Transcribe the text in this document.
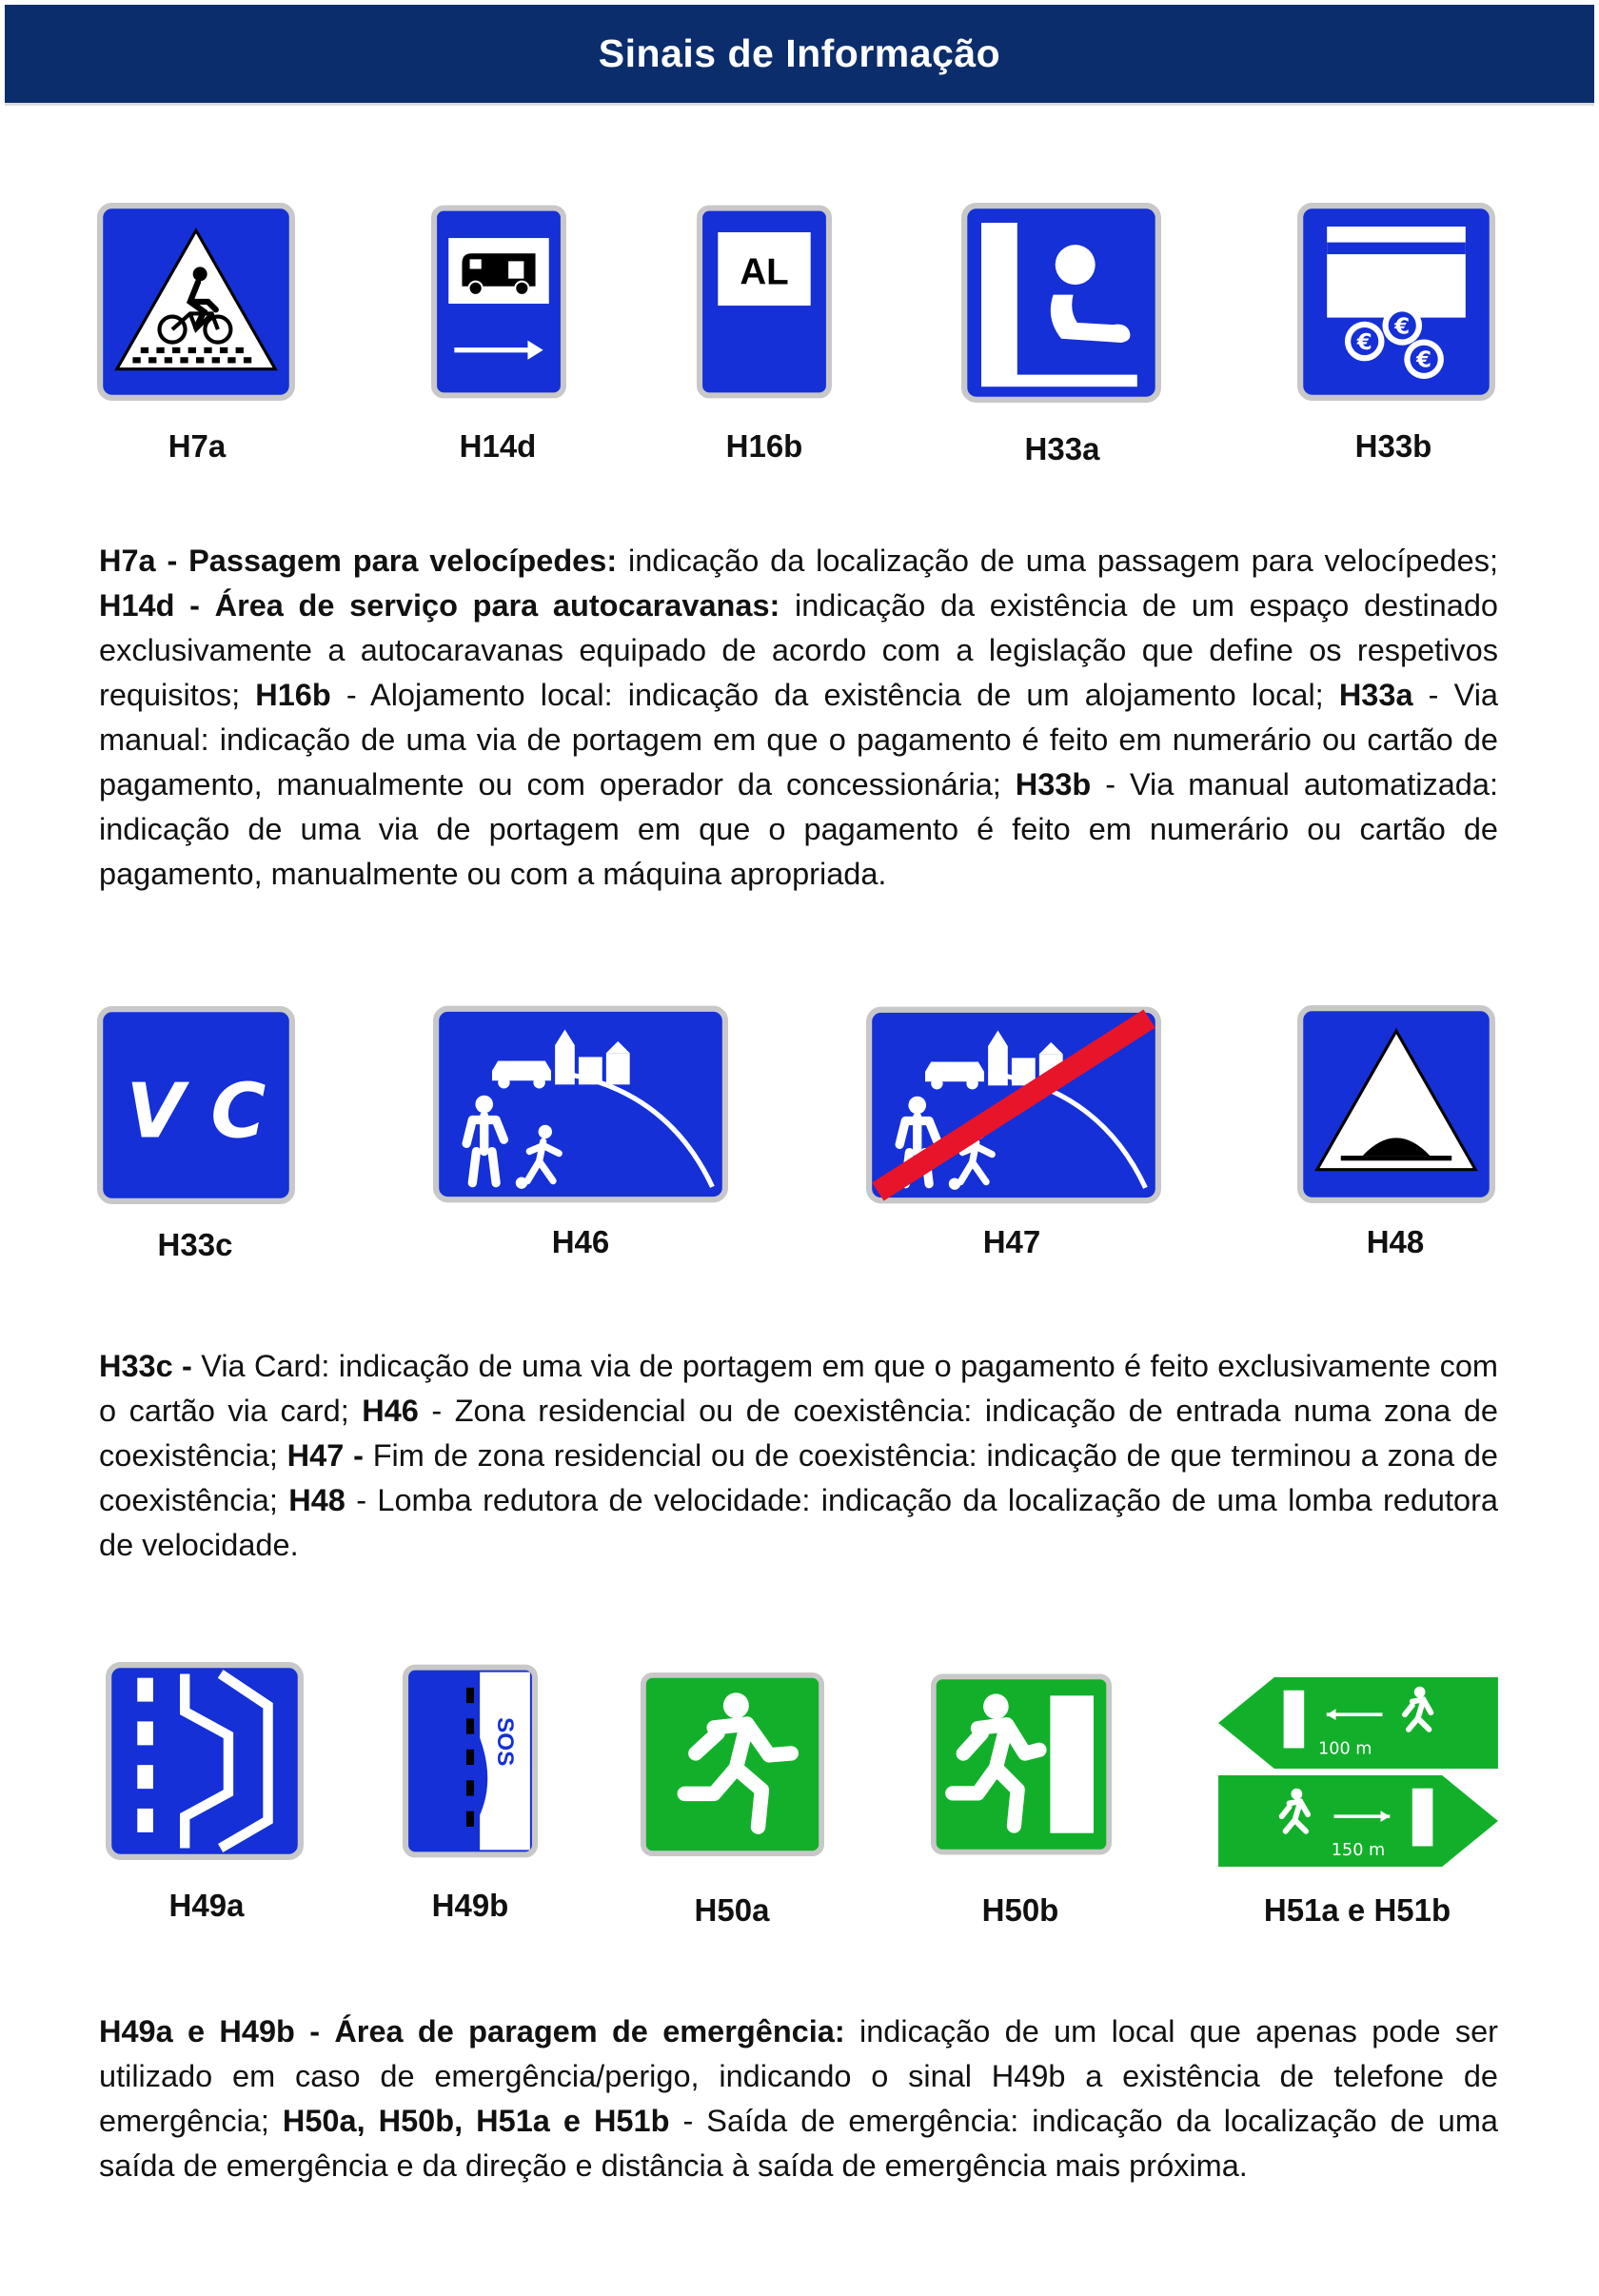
Sinais de Informação
AL
€
€
€
H7a	H14d	H16b	H33a	H33b

H7a - Passagem para velocípedes: indicação da localização de uma passagem para velocípedes; H14d - Área de serviço para autocaravanas: indicação da existência de um espaço destinado exclusivamente a autocaravanas equipado de acordo com a legislação que define os respetivos requisitos; H16b - Alojamento local: indicação da existência de um alojamento local; H33a - Via manual: indicação de uma via de portagem em que o pagamento é feito em numerário ou cartão de pagamento, manualmente ou com operador da concessionária; H33b - Via manual automatizada: indicação de uma via de portagem em que o pagamento é feito em numerário ou cartão de pagamento, manualmente ou com a máquina apropriada.

V C
H33c	H46	H47	H48

H33c - Via Card: indicação de uma via de portagem em que o pagamento é feito exclusivamente com o cartão via card; H46 - Zona residencial ou de coexistência: indicação de entrada numa zona de coexistência; H47 - Fim de zona residencial ou de coexistência: indicação de que terminou a zona de coexistência; H48 - Lomba redutora de velocidade: indicação da localização de uma lomba redutora de velocidade.

SOS	100 m
150 m
H49a	H49b	H50a	H50b	H51a e H51b

H49a e H49b - Área de paragem de emergência: indicação de um local que apenas pode ser utilizado em caso de emergência/perigo, indicando o sinal H49b a existência de telefone de emergência; H50a, H50b, H51a e H51b - Saída de emergência: indicação da localização de uma saída de emergência e da direção e distância à saída de emergência mais próxima.
